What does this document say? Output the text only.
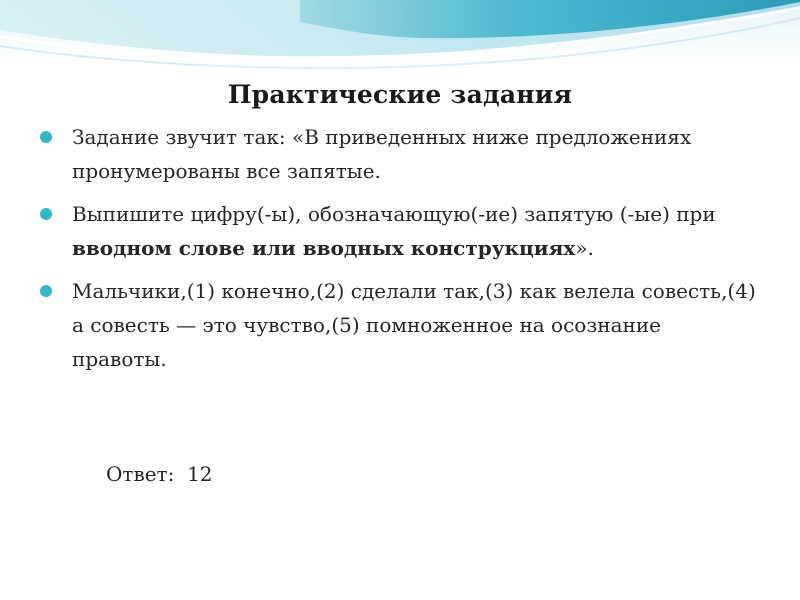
Практические задания
Задание звучит так: «В приведенных ниже предложениях пронумерованы все запятые.
Выпишите цифру(-ы), обозначающую(-ие) запятую (-ые) при вводном слове или вводных конструкциях».
Мальчики,(1) конечно,(2) сделали так,(3) как велела совесть,(4) а совесть — это чувство,(5) помноженное на осознание правоты.
Ответ: 12
